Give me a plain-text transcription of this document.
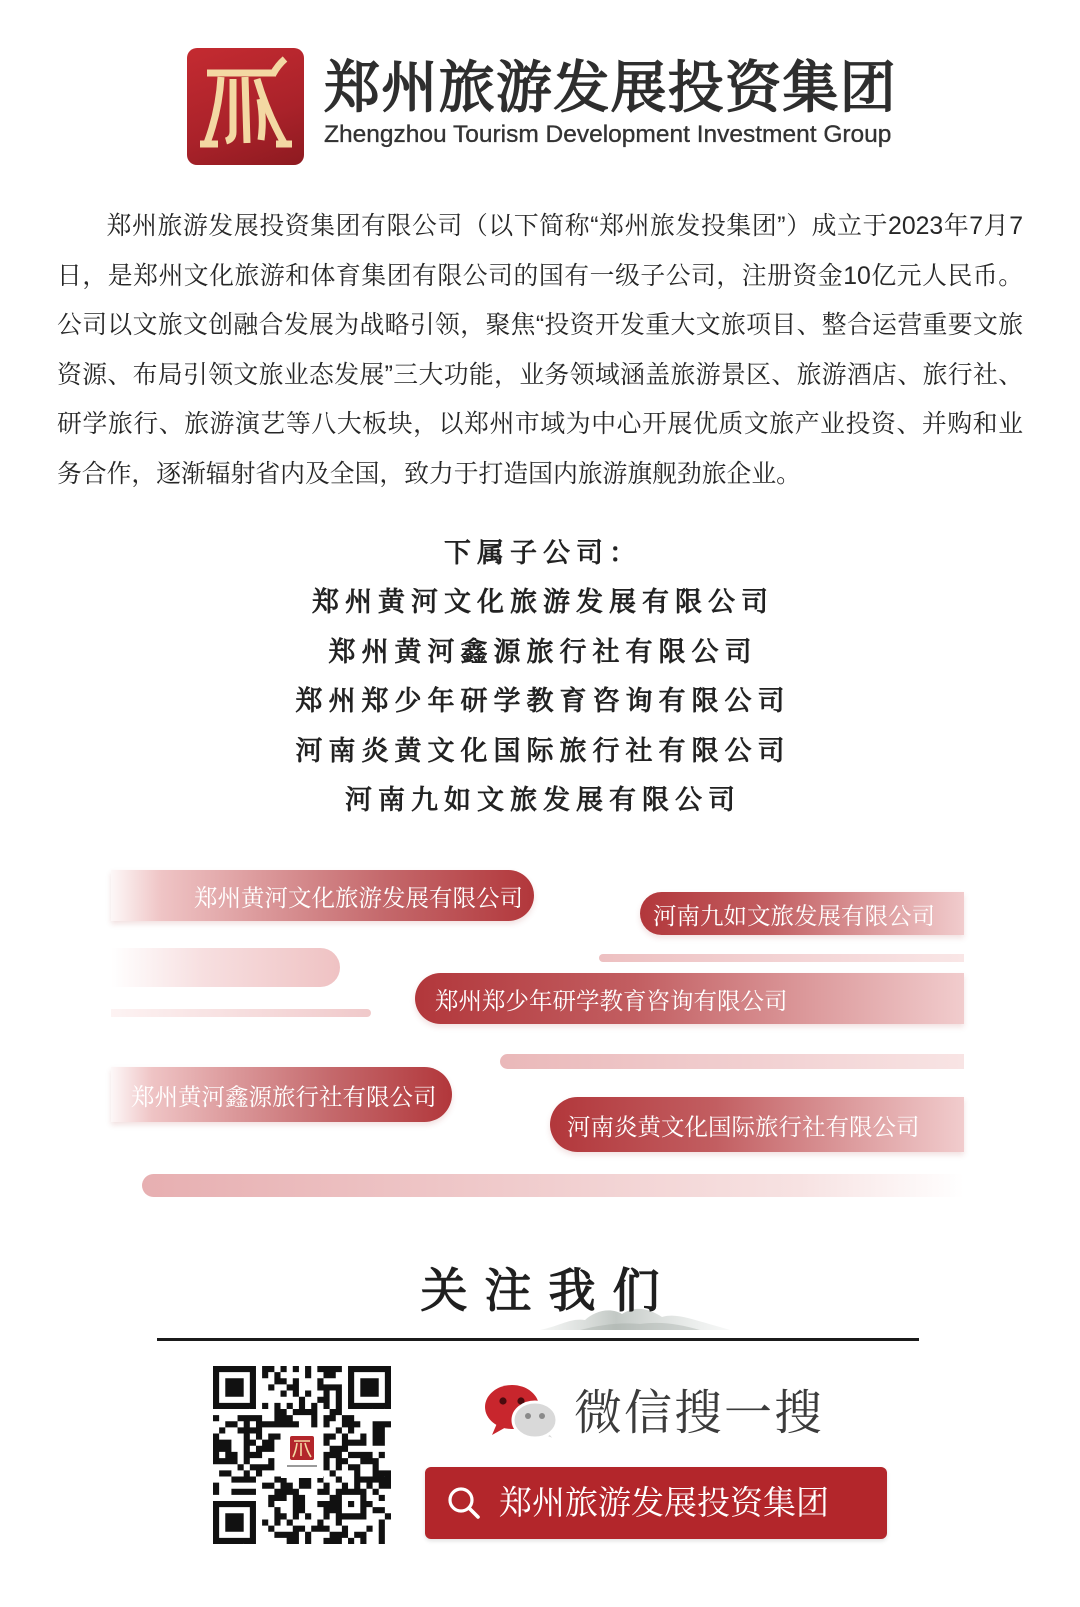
郑州旅游发展投资集团
Zhengzhou Tourism Development Investment Group

郑州旅游发展投资集团有限公司（以下简称“郑州旅发投集团”）成立于2023年7月7日，是郑州文化旅游和体育集团有限公司的国有一级子公司，注册资金10亿元人民币。公司以文旅文创融合发展为战略引领，聚焦“投资开发重大文旅项目、整合运营重要文旅资源、布局引领文旅业态发展”三大功能，业务领域涵盖旅游景区、旅游酒店、旅行社、研学旅行、旅游演艺等八大板块，以郑州市域为中心开展优质文旅产业投资、并购和业务合作，逐渐辐射省内及全国，致力于打造国内旅游旗舰劲旅企业。

下属子公司：
郑州黄河文化旅游发展有限公司
郑州黄河鑫源旅行社有限公司
郑州郑少年研学教育咨询有限公司
河南炎黄文化国际旅行社有限公司
河南九如文旅发展有限公司
郑州黄河文化旅游发展有限公司
河南九如文旅发展有限公司
郑州郑少年研学教育咨询有限公司
郑州黄河鑫源旅行社有限公司
河南炎黄文化国际旅行社有限公司
关注我们
微信搜一搜
郑州旅游发展投资集团
